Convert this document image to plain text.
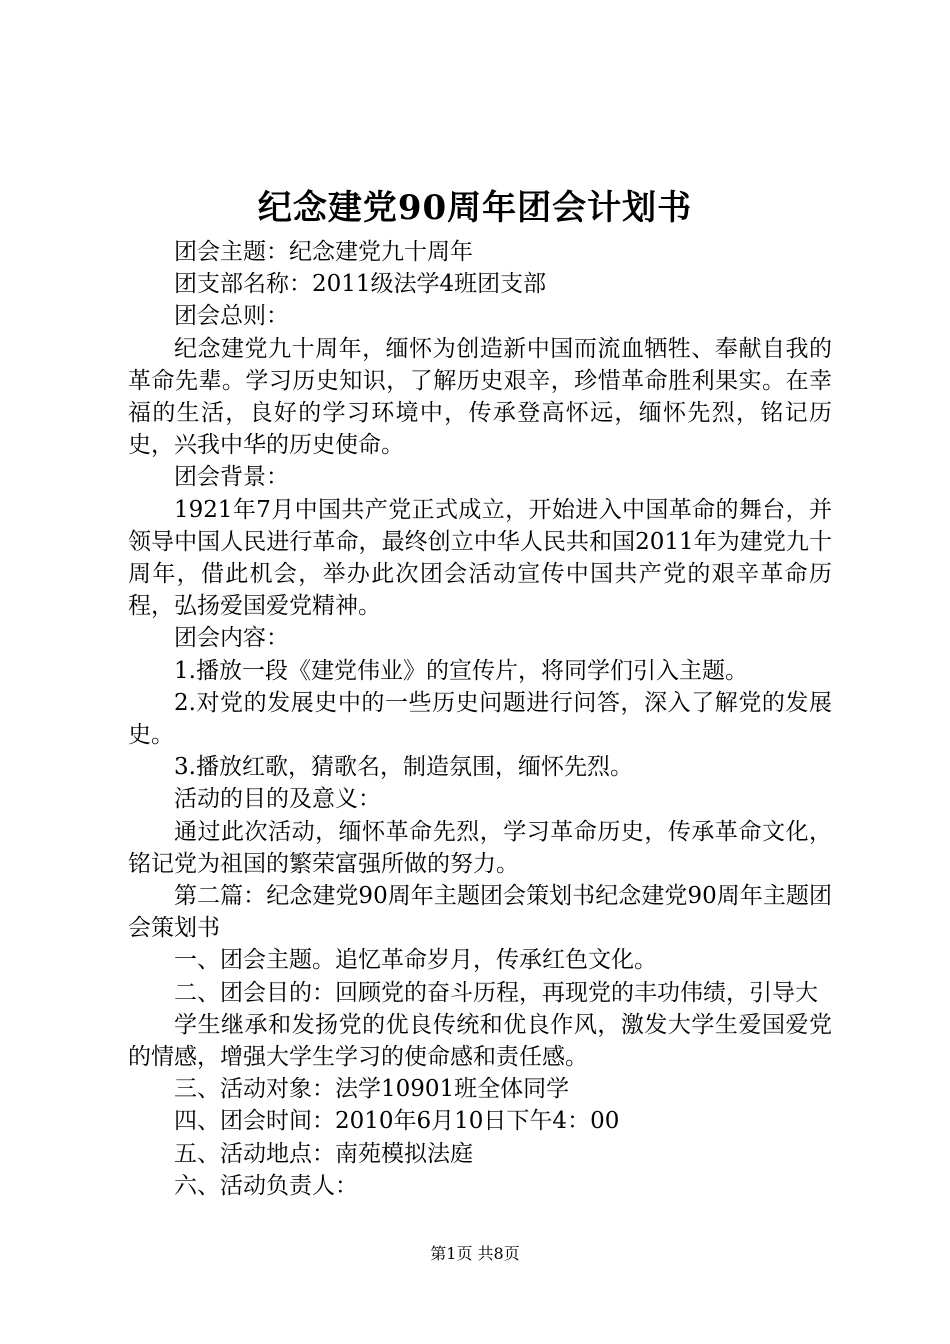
纪念建党90周年团会计划书

团会主题：纪念建党九十周年

团支部名称：2011级法学4班团支部

团会总则：

纪念建党九十周年，缅怀为创造新中国而流血牺牲、奉献自我的革命先辈。学习历史知识，了解历史艰辛，珍惜革命胜利果实。在幸福的生活，良好的学习环境中，传承登高怀远，缅怀先烈，铭记历史，兴我中华的历史使命。

团会背景：

1921年7月中国共产党正式成立，开始进入中国革命的舞台，并领导中国人民进行革命，最终创立中华人民共和国2011年为建党九十周年，借此机会，举办此次团会活动宣传中国共产党的艰辛革命历程，弘扬爱国爱党精神。

团会内容：

1.播放一段《建党伟业》的宣传片，将同学们引入主题。

2.对党的发展史中的一些历史问题进行问答，深入了解党的发展史。

3.播放红歌，猜歌名，制造氛围，缅怀先烈。

活动的目的及意义：

通过此次活动，缅怀革命先烈，学习革命历史，传承革命文化，铭记党为祖国的繁荣富强所做的努力。

第二篇：纪念建党90周年主题团会策划书纪念建党90周年主题团会策划书

一、团会主题。追忆革命岁月，传承红色文化。

二、团会目的：回顾党的奋斗历程，再现党的丰功伟绩，引导大

学生继承和发扬党的优良传统和优良作风，激发大学生爱国爱党的情感，增强大学生学习的使命感和责任感。

三、活动对象：法学10901班全体同学

四、团会时间：2010年6月10日下午4：00

五、活动地点：南苑模拟法庭

六、活动负责人：

第1页 共8页
